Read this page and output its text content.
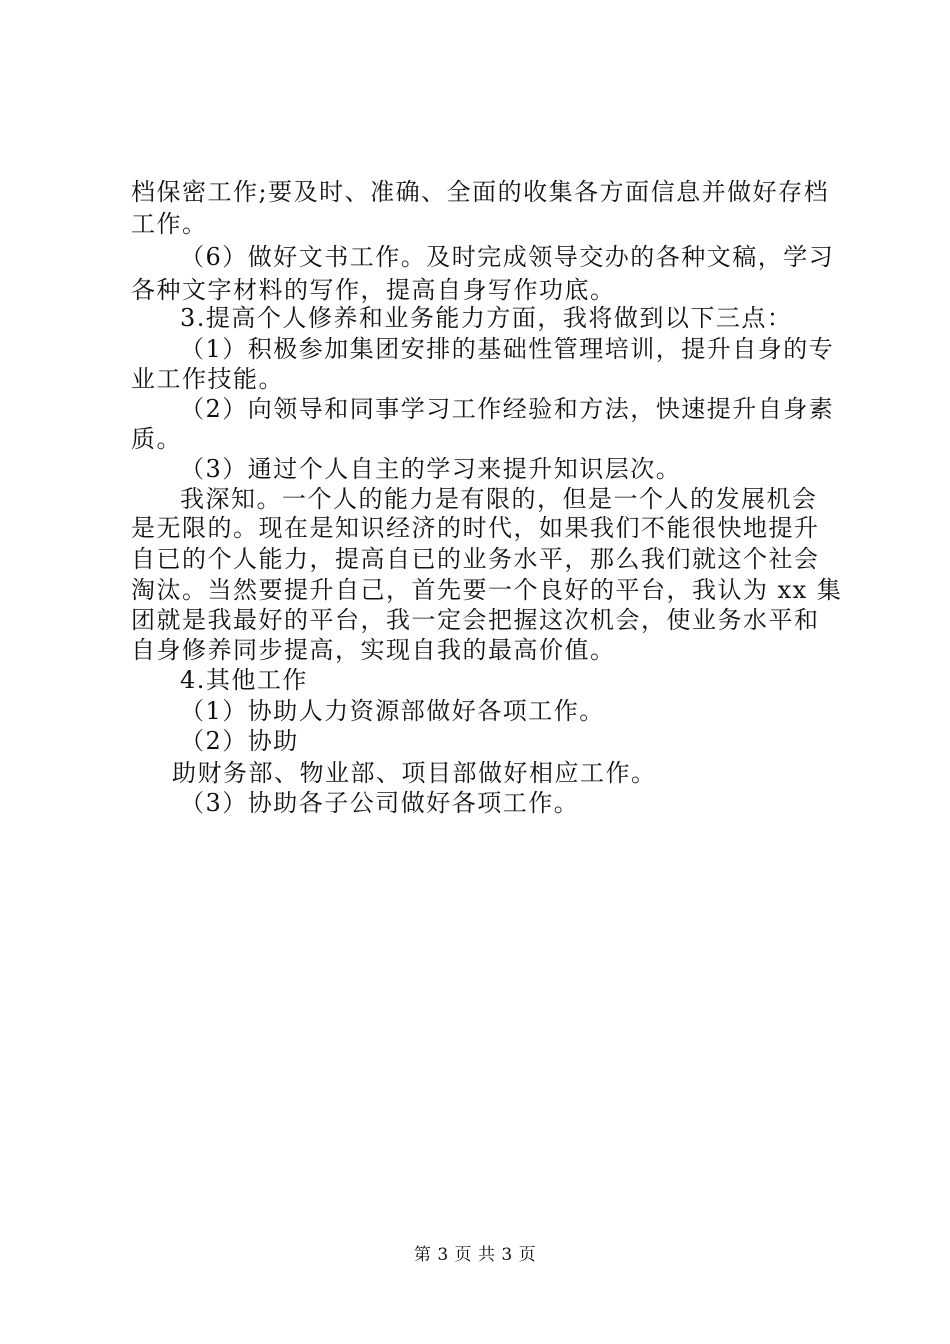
档保密工作;要及时、准确、全面的收集各方面信息并做好存档
工作。
（6）做好文书工作。及时完成领导交办的各种文稿，学习
各种文字材料的写作，提高自身写作功底。
3.提高个人修养和业务能力方面，我将做到以下三点：
（1）积极参加集团安排的基础性管理培训，提升自身的专
业工作技能。
（2）向领导和同事学习工作经验和方法，快速提升自身素
质。
（3）通过个人自主的学习来提升知识层次。
我深知。一个人的能力是有限的，但是一个人的发展机会
是无限的。现在是知识经济的时代，如果我们不能很快地提升
自已的个人能力，提高自已的业务水平，那么我们就这个社会
淘汰。当然要提升自己，首先要一个良好的平台，我认为 xx 集
团就是我最好的平台，我一定会把握这次机会，使业务水平和
自身修养同步提高，实现自我的最高价值。
4.其他工作
（1）协助人力资源部做好各项工作。
（2）协助
助财务部、物业部、项目部做好相应工作。
（3）协助各子公司做好各项工作。
第 3 页 共 3 页
